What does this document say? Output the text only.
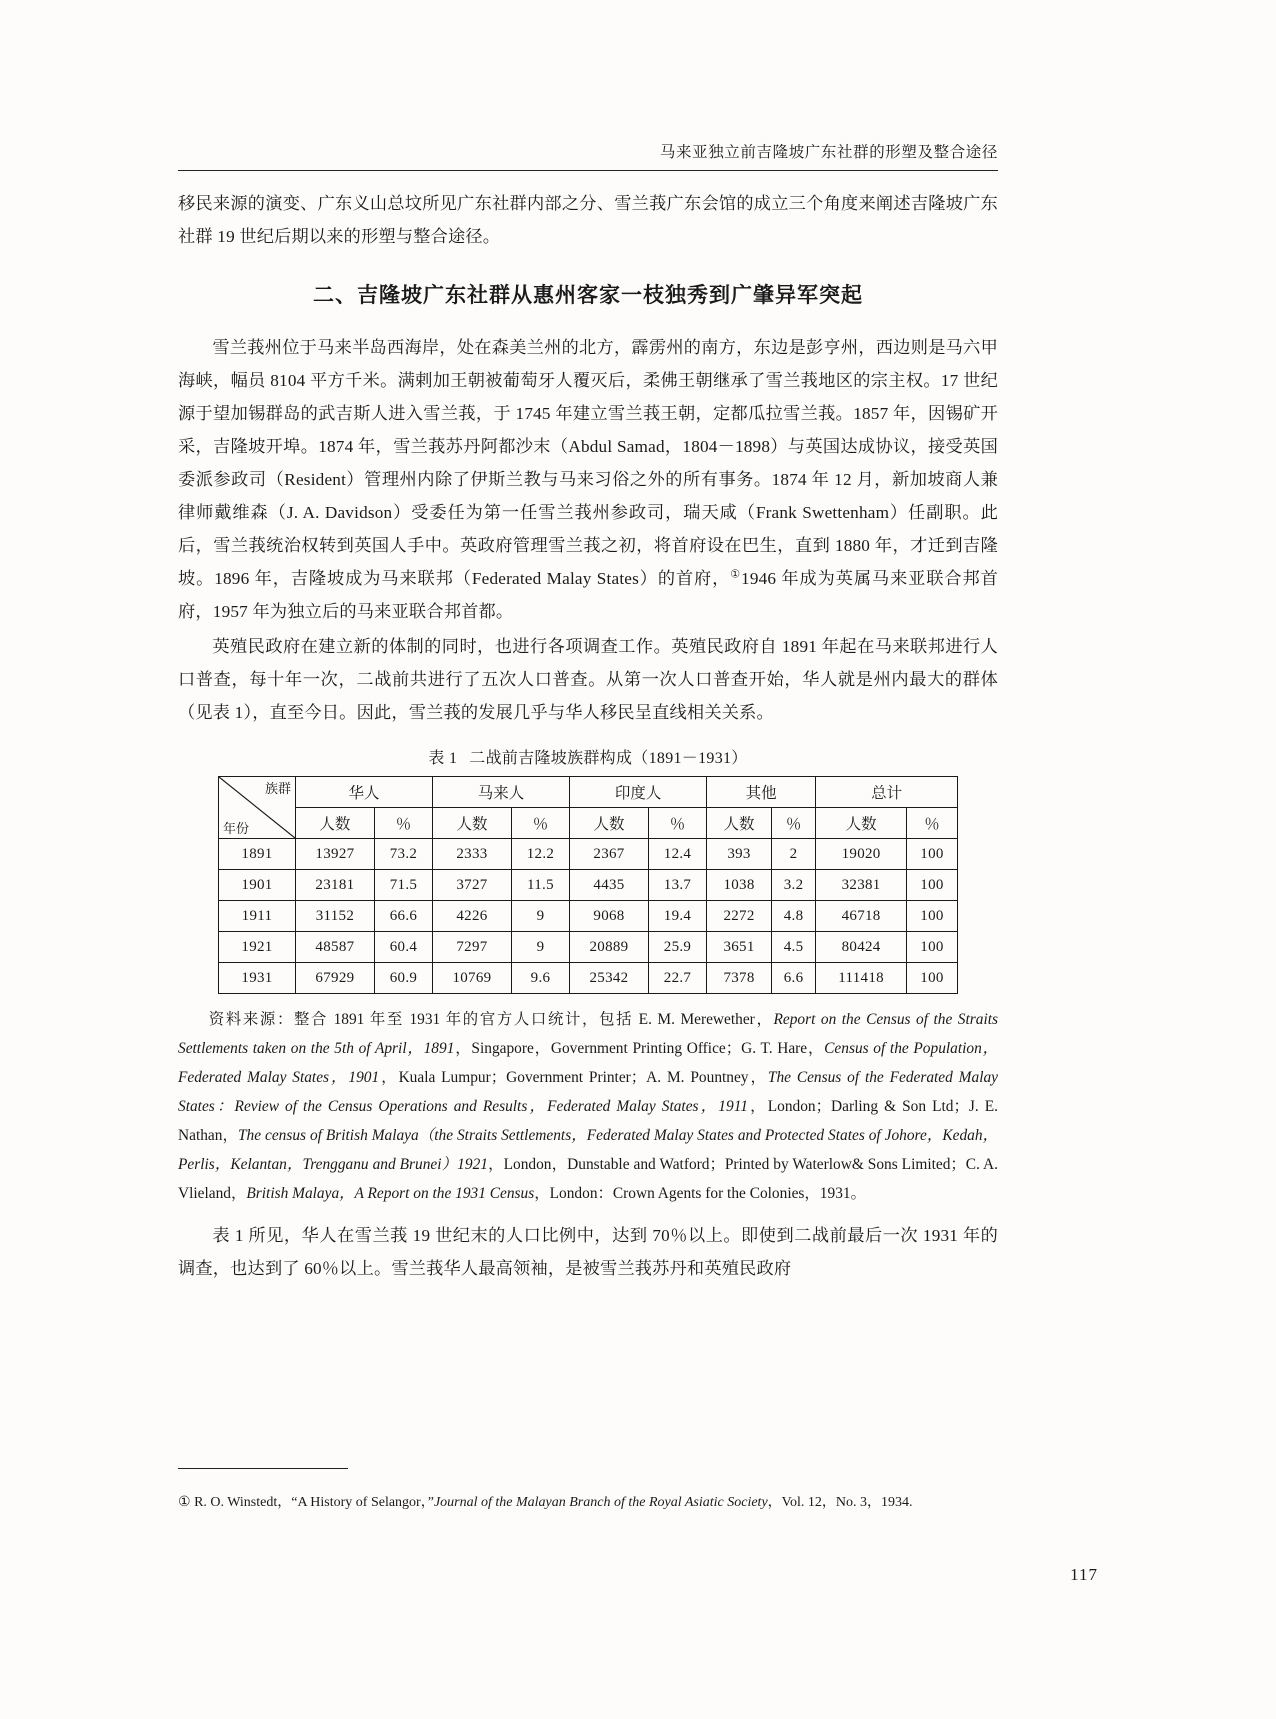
马来亚独立前吉隆坡广东社群的形塑及整合途径

移民来源的演变、广东义山总坟所见广东社群内部之分、雪兰莪广东会馆的成立三个角度来阐述吉隆坡广东社群 19 世纪后期以来的形塑与整合途径。

二、吉隆坡广东社群从惠州客家一枝独秀到广肇异军突起

雪兰莪州位于马来半岛西海岸，处在森美兰州的北方，霹雳州的南方，东边是彭亨州，西边则是马六甲海峡，幅员 8104 平方千米。满剌加王朝被葡萄牙人覆灭后，柔佛王朝继承了雪兰莪地区的宗主权。17 世纪源于望加锡群岛的武吉斯人进入雪兰莪，于 1745 年建立雪兰莪王朝，定都瓜拉雪兰莪。1857 年，因锡矿开采，吉隆坡开埠。1874 年，雪兰莪苏丹阿都沙末（Abdul Samad，1804－1898）与英国达成协议，接受英国委派参政司（Resident）管理州内除了伊斯兰教与马来习俗之外的所有事务。1874 年 12 月，新加坡商人兼律师戴维森（J. A. Davidson）受委任为第一任雪兰莪州参政司，瑞天咸（Frank Swettenham）任副职。此后，雪兰莪统治权转到英国人手中。英政府管理雪兰莪之初，将首府设在巴生，直到 1880 年，才迁到吉隆坡。1896 年，吉隆坡成为马来联邦（Federated Malay States）的首府，①1946 年成为英属马来亚联合邦首府，1957 年为独立后的马来亚联合邦首都。

英殖民政府在建立新的体制的同时，也进行各项调查工作。英殖民政府自 1891 年起在马来联邦进行人口普查，每十年一次，二战前共进行了五次人口普查。从第一次人口普查开始，华人就是州内最大的群体（见表 1），直至今日。因此，雪兰莪的发展几乎与华人移民呈直线相关关系。

表 1 二战前吉隆坡族群构成（1891－1931）
族群
年份	华人		马来人		印度人		其他		总计	
	人数	％	人数	％	人数	％	人数	％	人数	％
1891	13927	73.2	2333	12.2	2367	12.4	393	2	19020	100
1901	23181	71.5	3727	11.5	4435	13.7	1038	3.2	32381	100
1911	31152	66.6	4226	9	9068	19.4	2272	4.8	46718	100
1921	48587	60.4	7297	9	20889	25.9	3651	4.5	80424	100
1931	67929	60.9	10769	9.6	25342	22.7	7378	6.6	111418	100

资料来源：整合 1891 年至 1931 年的官方人口统计，包括 E. M. Merewether，Report on the Census of the Straits Settlements taken on the 5th of April，1891，Singapore，Government Printing Office；G. T. Hare，Census of the Population，Federated Malay States，1901，Kuala Lumpur；Government Printer；A. M. Pountney，The Census of the Federated Malay States：Review of the Census Operations and Results，Federated Malay States，1911，London；Darling & Son Ltd；J. E. Nathan，The census of British Malaya（the Straits Settlements，Federated Malay States and Protected States of Johore，Kedah，Perlis，Kelantan，Trengganu and Brunei）1921，London，Dunstable and Watford；Printed by Waterlow& Sons Limited；C. A. Vlieland，British Malaya，A Report on the 1931 Census，London：Crown Agents for the Colonies，1931。

表 1 所见，华人在雪兰莪 19 世纪末的人口比例中，达到 70％以上。即使到二战前最后一次 1931 年的调查，也达到了 60％以上。雪兰莪华人最高领袖，是被雪兰莪苏丹和英殖民政府

① R. O. Winstedt，“A History of Selangor，”Journal of the Malayan Branch of the Royal Asiatic Society，Vol. 12，No. 3，1934.
117
